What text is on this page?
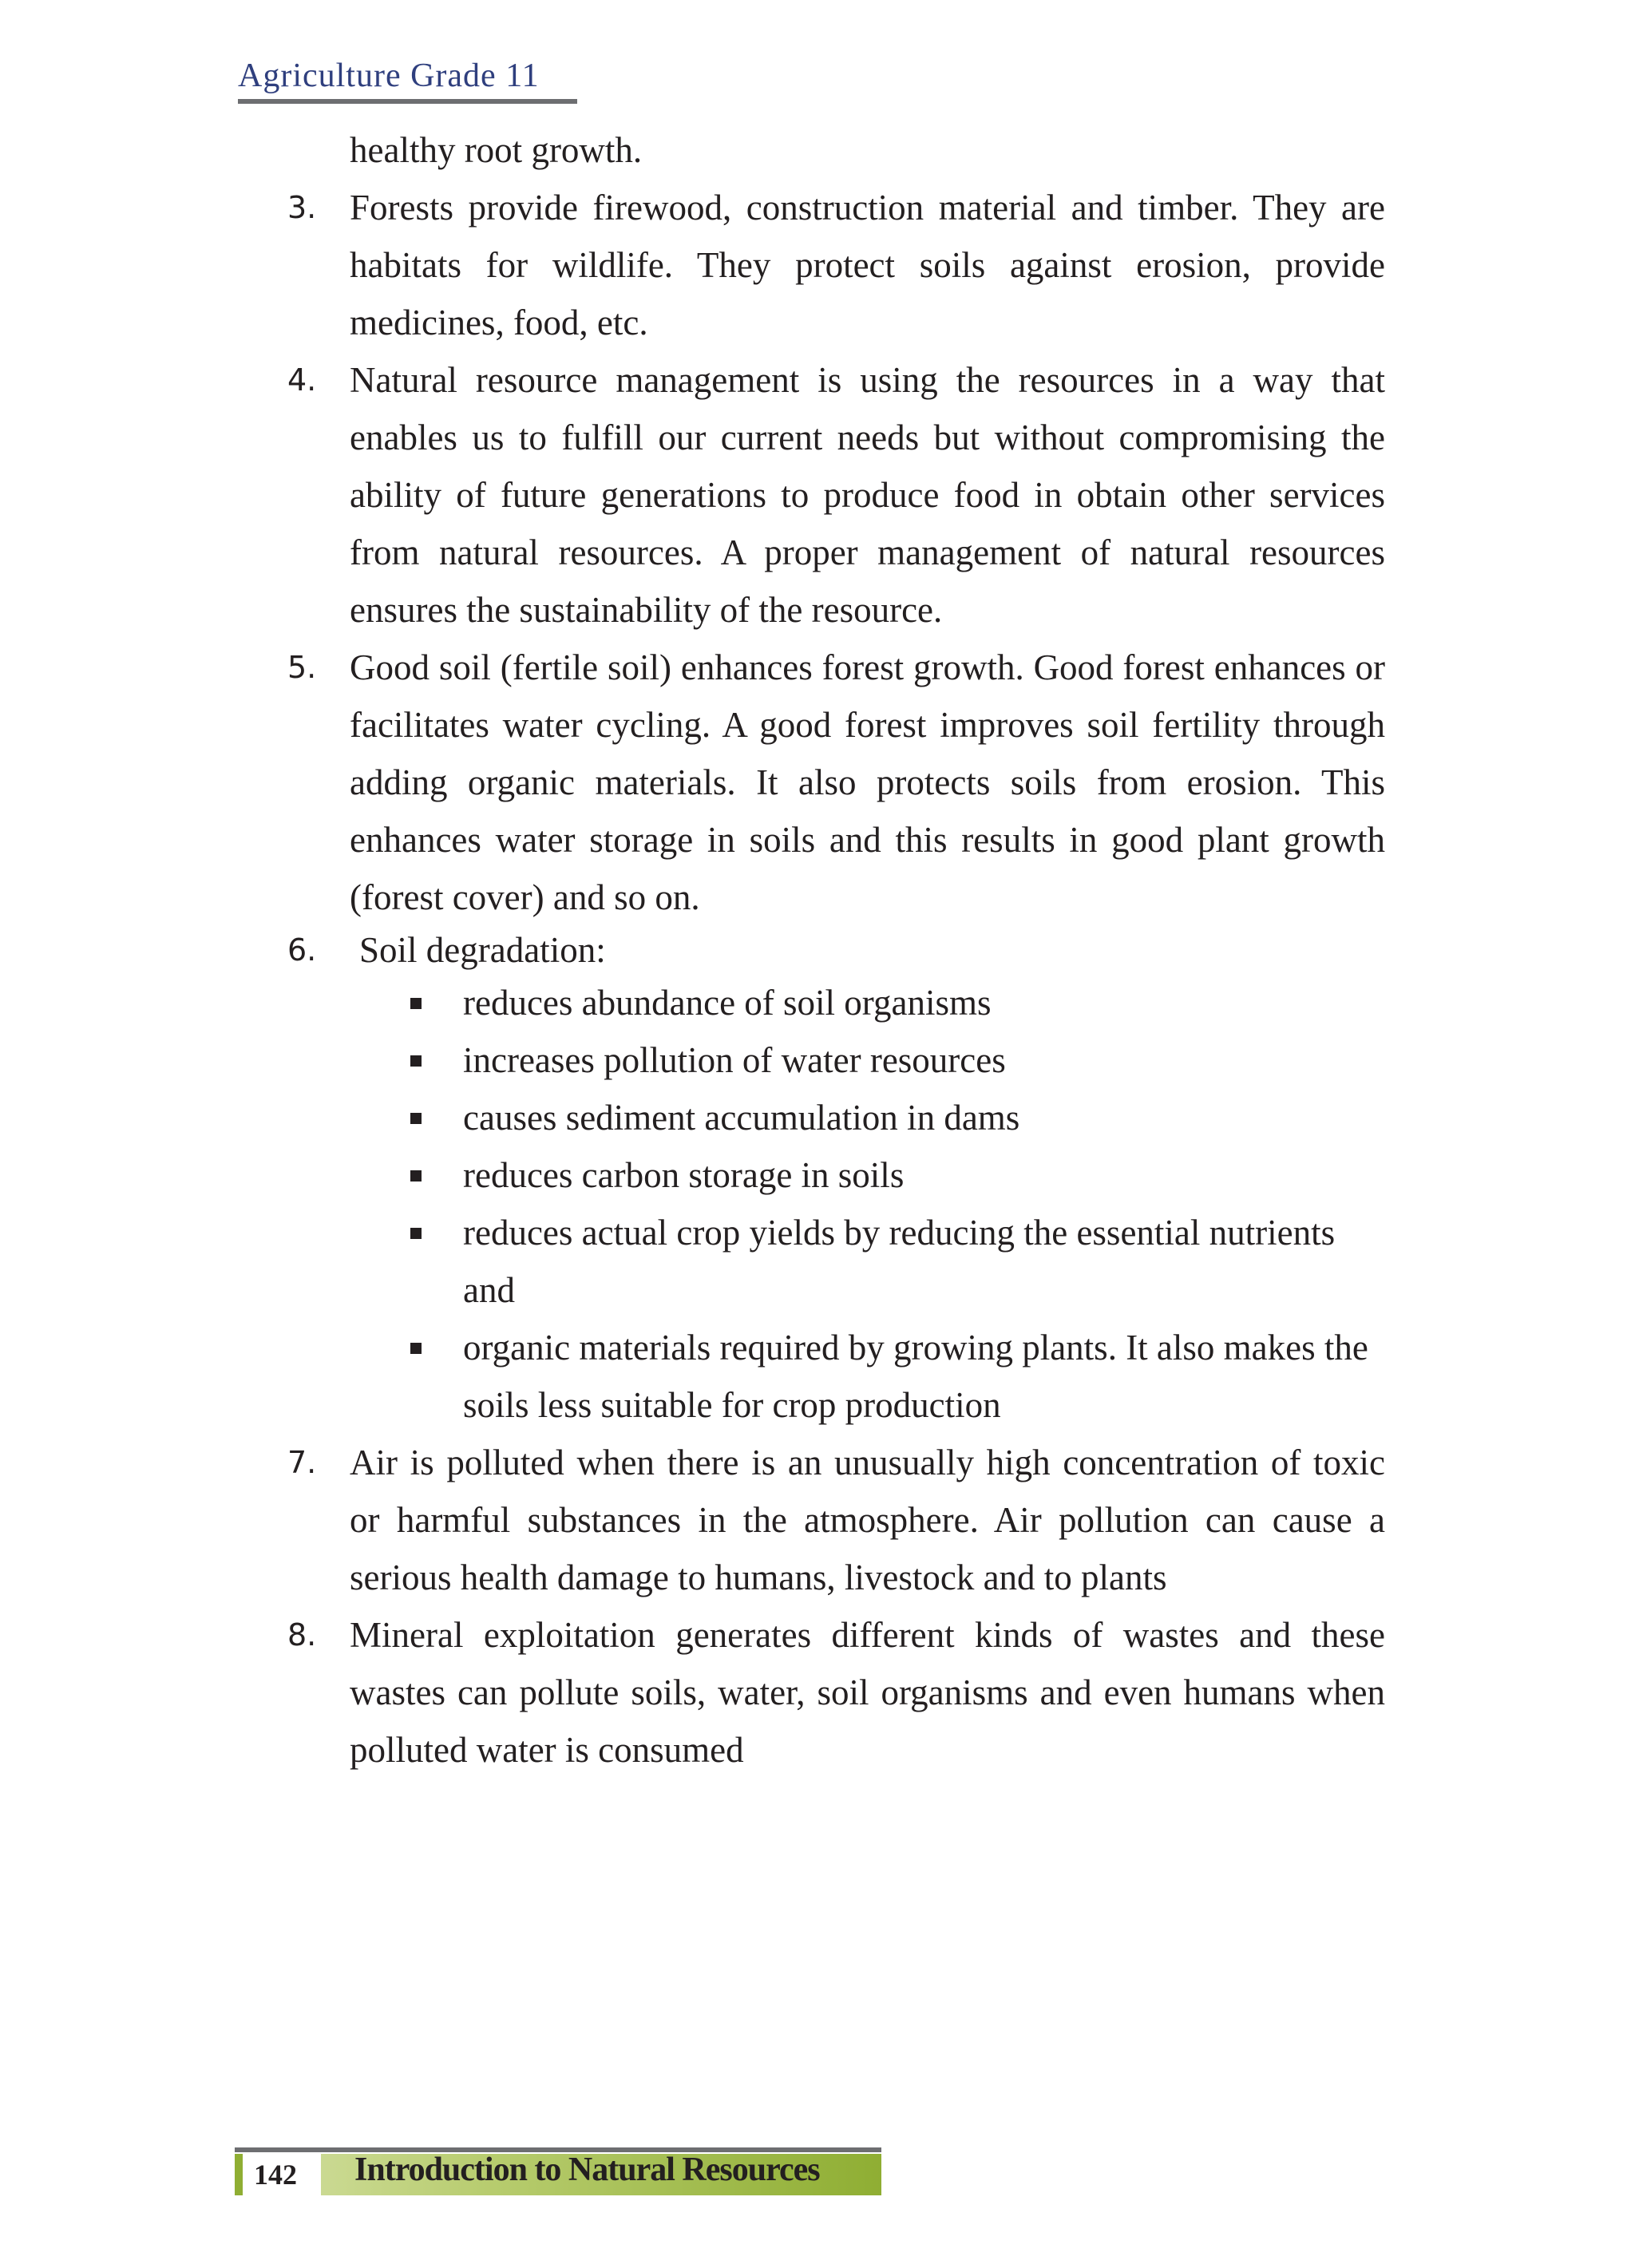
Agriculture Grade 11
healthy root growth.
3. Forests provide firewood, construction material and timber. They are habitats for wildlife. They protect soils against erosion, provide medicines, food, etc.
4. Natural resource management is using the resources in a way that enables us to fulfill our current needs but without compromising the ability of future generations to produce food in obtain other services from natural resources. A proper management of natural resources ensures the sustainability of the resource.
5. Good soil (fertile soil) enhances forest growth. Good forest enhances or facilitates water cycling. A good forest improves soil fertility through adding organic materials. It also protects soils from erosion. This enhances water storage in soils and this results in good plant growth (forest cover) and so on.
6. Soil degradation:
reduces abundance of soil organisms
increases pollution of water resources
causes sediment accumulation in dams
reduces carbon storage in soils
reduces actual crop yields by reducing the essential nutrients and
organic materials required by growing plants. It also makes the soils less suitable for crop production
7. Air is polluted when there is an unusually high concentration of toxic or harmful substances in the atmosphere. Air pollution can cause a serious health damage to humans, livestock and to plants
8. Mineral exploitation generates different kinds of wastes and these wastes can pollute soils, water, soil organisms and even humans when polluted water is consumed
142 Introduction to Natural Resources
